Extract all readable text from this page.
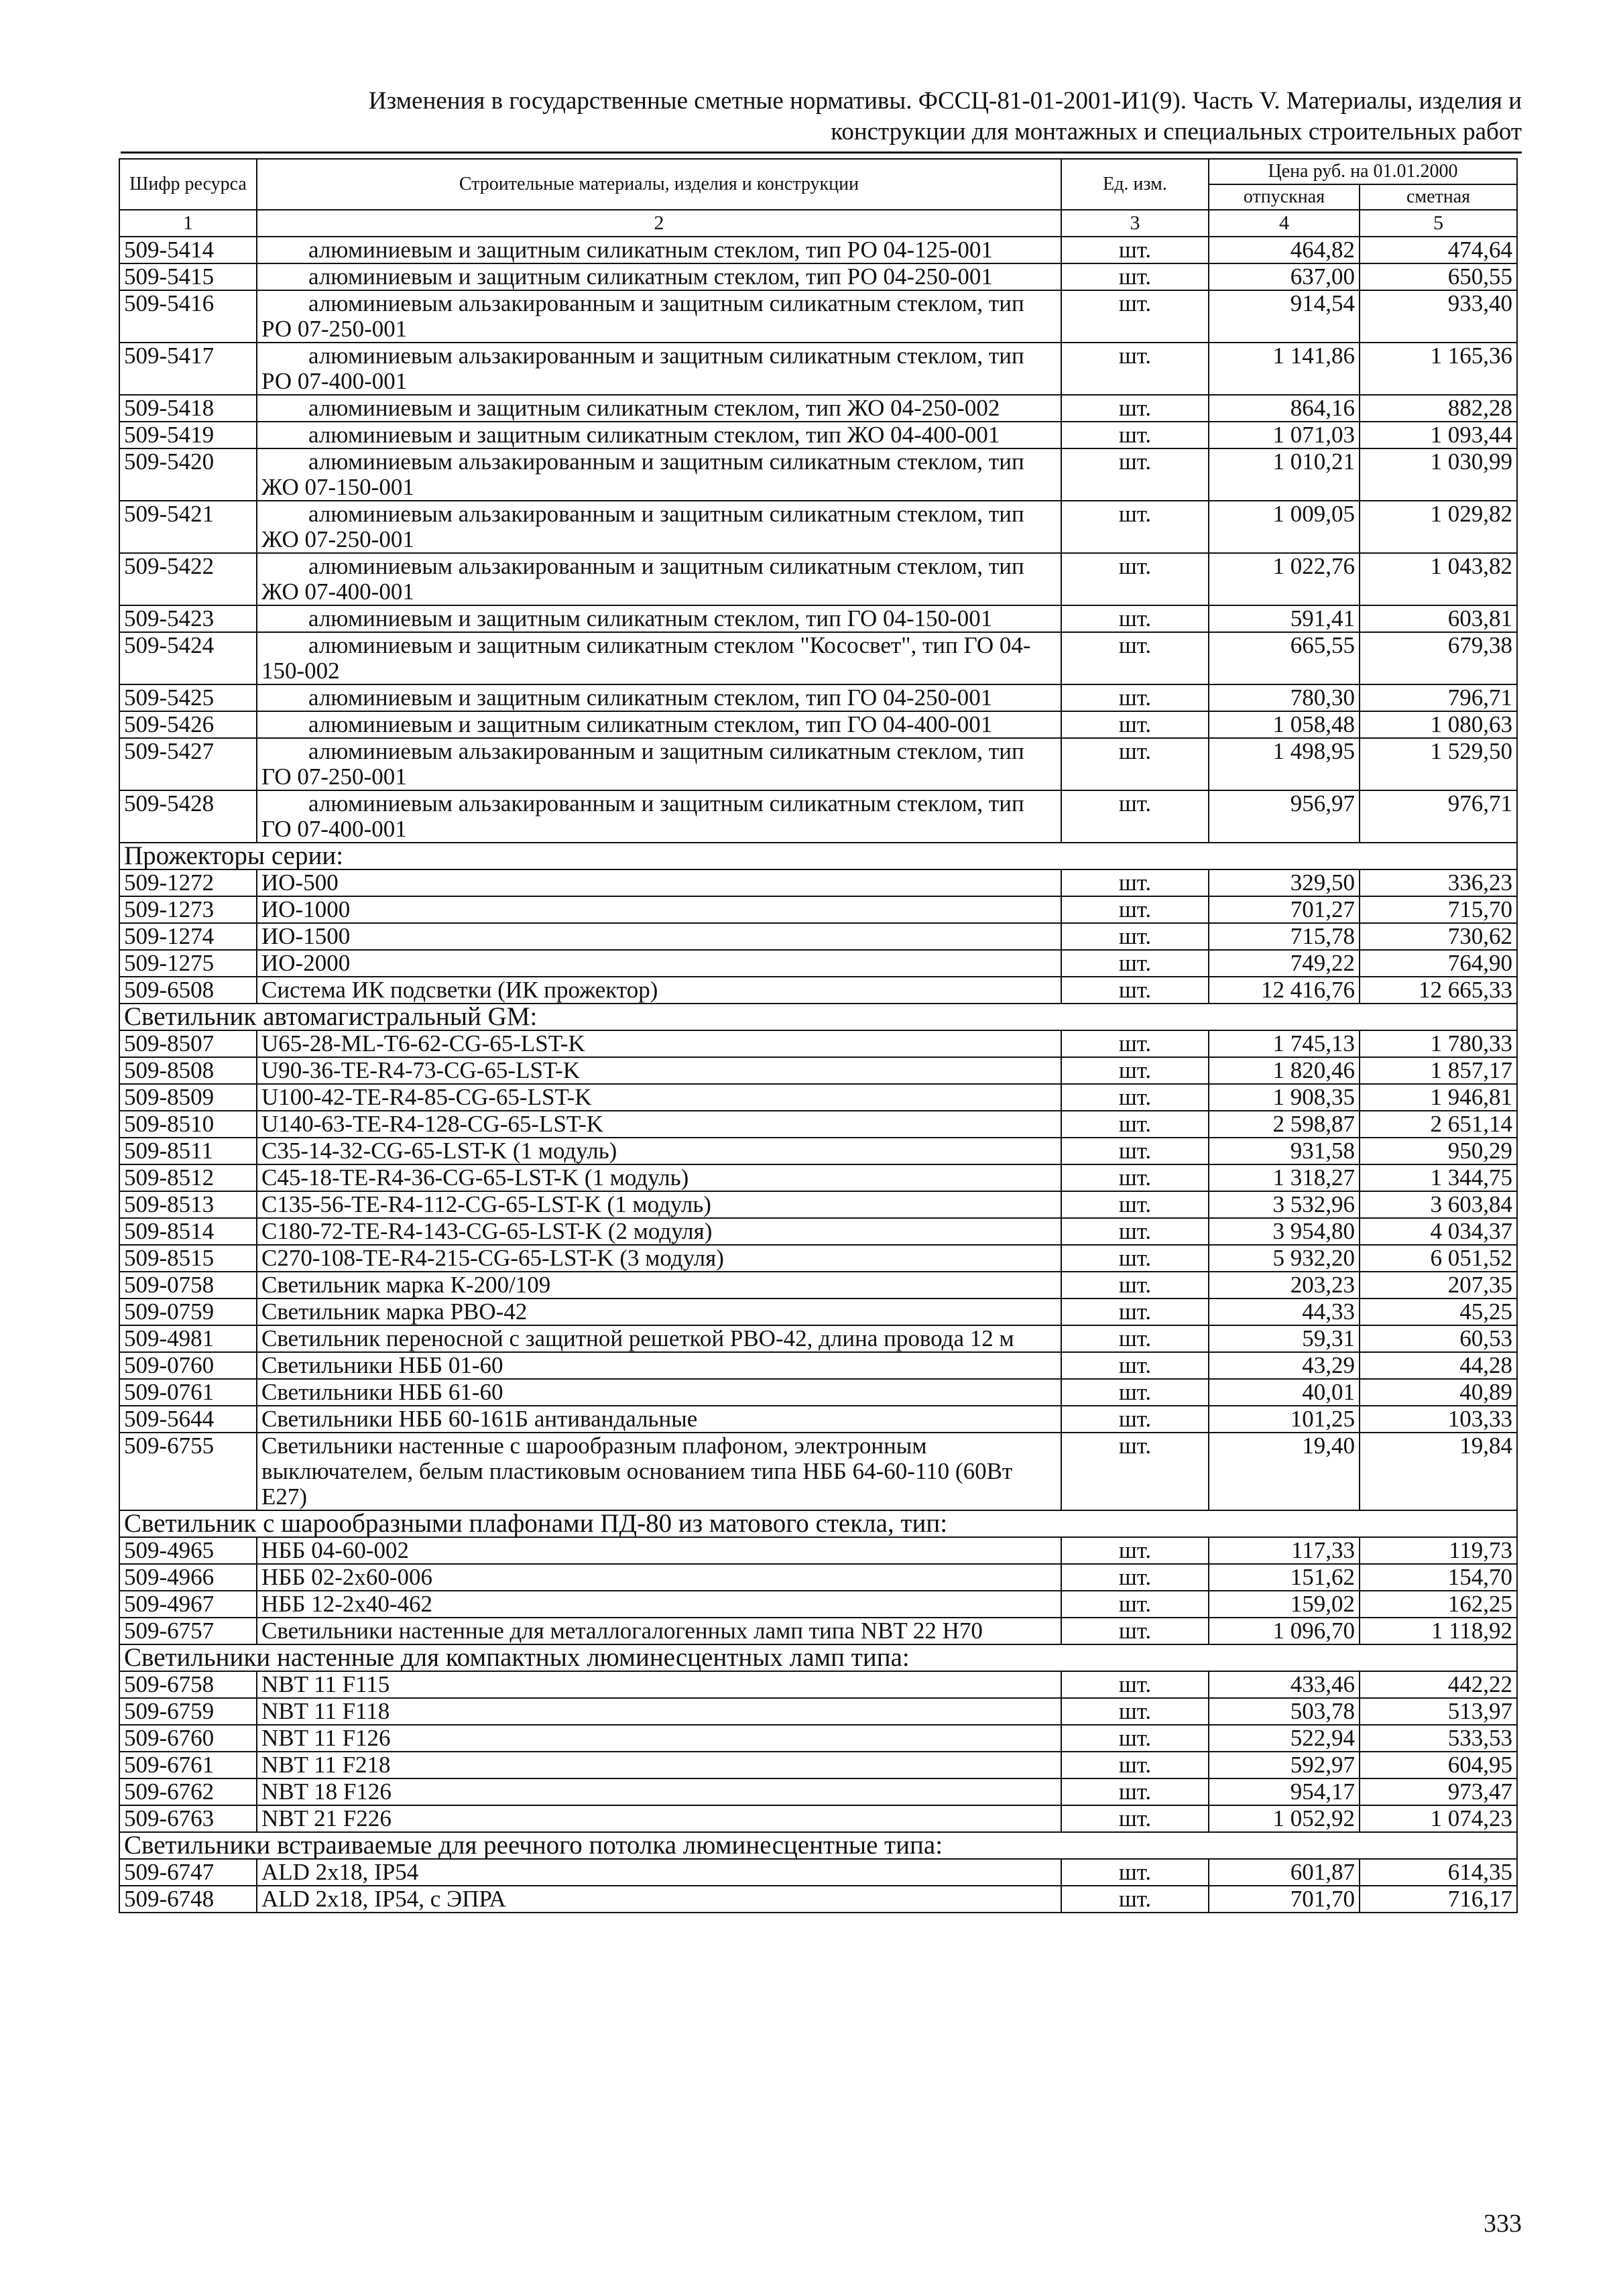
Изменения в государственные сметные нормативы. ФССЦ-81-01-2001-И1(9). Часть V. Материалы, изделия и
конструкции для монтажных и специальных строительных работ
Шифр ресурса	Строительные материалы, изделия и конструкции	Ед. изм.	Цена руб. на 01.01.2000	
			отпускная	сметная
1	2	3	4	5
509-5414	алюминиевым и защитным силикатным стеклом, тип РО 04-125-001	шт.	464,82	474,64
509-5415	алюминиевым и защитным силикатным стеклом, тип РО 04-250-001	шт.	637,00	650,55
509-5416	алюминиевым альзакированным и защитным силикатным стеклом, тип РО 07-250-001	шт.	914,54	933,40
509-5417	алюминиевым альзакированным и защитным силикатным стеклом, тип РО 07-400-001	шт.	1 141,86	1 165,36
509-5418	алюминиевым и защитным силикатным стеклом, тип ЖО 04-250-002	шт.	864,16	882,28
509-5419	алюминиевым и защитным силикатным стеклом, тип ЖО 04-400-001	шт.	1 071,03	1 093,44
509-5420	алюминиевым альзакированным и защитным силикатным стеклом, тип ЖО 07-150-001	шт.	1 010,21	1 030,99
509-5421	алюминиевым альзакированным и защитным силикатным стеклом, тип ЖО 07-250-001	шт.	1 009,05	1 029,82
509-5422	алюминиевым альзакированным и защитным силикатным стеклом, тип ЖО 07-400-001	шт.	1 022,76	1 043,82
509-5423	алюминиевым и защитным силикатным стеклом, тип ГО 04-150-001	шт.	591,41	603,81
509-5424	алюминиевым и защитным силикатным стеклом "Кососвет", тип ГО 04-150-002	шт.	665,55	679,38
509-5425	алюминиевым и защитным силикатным стеклом, тип ГО 04-250-001	шт.	780,30	796,71
509-5426	алюминиевым и защитным силикатным стеклом, тип ГО 04-400-001	шт.	1 058,48	1 080,63
509-5427	алюминиевым альзакированным и защитным силикатным стеклом, тип ГО 07-250-001	шт.	1 498,95	1 529,50
509-5428	алюминиевым альзакированным и защитным силикатным стеклом, тип ГО 07-400-001	шт.	956,97	976,71
Прожекторы серии:				
509-1272	ИО-500	шт.	329,50	336,23
509-1273	ИО-1000	шт.	701,27	715,70
509-1274	ИО-1500	шт.	715,78	730,62
509-1275	ИО-2000	шт.	749,22	764,90
509-6508	Система ИК подсветки (ИК прожектор)	шт.	12 416,76	12 665,33
Светильник автомагистральный GM:				
509-8507	U65-28-ML-T6-62-CG-65-LST-K	шт.	1 745,13	1 780,33
509-8508	U90-36-TE-R4-73-CG-65-LST-K	шт.	1 820,46	1 857,17
509-8509	U100-42-TE-R4-85-CG-65-LST-K	шт.	1 908,35	1 946,81
509-8510	U140-63-TE-R4-128-CG-65-LST-K	шт.	2 598,87	2 651,14
509-8511	C35-14-32-CG-65-LST-K (1 модуль)	шт.	931,58	950,29
509-8512	C45-18-TE-R4-36-CG-65-LST-K (1 модуль)	шт.	1 318,27	1 344,75
509-8513	C135-56-TE-R4-112-CG-65-LST-K (1 модуль)	шт.	3 532,96	3 603,84
509-8514	C180-72-TE-R4-143-CG-65-LST-K (2 модуля)	шт.	3 954,80	4 034,37
509-8515	C270-108-TE-R4-215-CG-65-LST-K (3 модуля)	шт.	5 932,20	6 051,52
509-0758	Светильник марка К-200/109	шт.	203,23	207,35
509-0759	Светильник марка РВО-42	шт.	44,33	45,25
509-4981	Светильник переносной с защитной решеткой РВО-42, длина провода 12 м	шт.	59,31	60,53
509-0760	Светильники НББ 01-60	шт.	43,29	44,28
509-0761	Светильники НББ 61-60	шт.	40,01	40,89
509-5644	Светильники НББ 60-161Б антивандальные	шт.	101,25	103,33
509-6755	Светильники настенные с шарообразным плафоном, электронным выключателем, белым пластиковым основанием типа НББ 64-60-110 (60Вт Е27)	шт.	19,40	19,84
Светильник с шарообразными плафонами ПД-80 из матового стекла, тип:				
509-4965	НББ 04-60-002	шт.	117,33	119,73
509-4966	НББ 02-2х60-006	шт.	151,62	154,70
509-4967	НББ 12-2х40-462	шт.	159,02	162,25
509-6757	Светильники настенные для металлогалогенных ламп типа NBT 22 H70	шт.	1 096,70	1 118,92
Светильники настенные для компактных люминесцентных ламп типа:				
509-6758	NBT 11 F115	шт.	433,46	442,22
509-6759	NBT 11 F118	шт.	503,78	513,97
509-6760	NBT 11 F126	шт.	522,94	533,53
509-6761	NBT 11 F218	шт.	592,97	604,95
509-6762	NBT 18 F126	шт.	954,17	973,47
509-6763	NBT 21 F226	шт.	1 052,92	1 074,23
Светильники встраиваемые для реечного потолка люминесцентные типа:				
509-6747	ALD 2x18, IP54	шт.	601,87	614,35
509-6748	ALD 2x18, IP54, с ЭПРА	шт.	701,70	716,17
333
